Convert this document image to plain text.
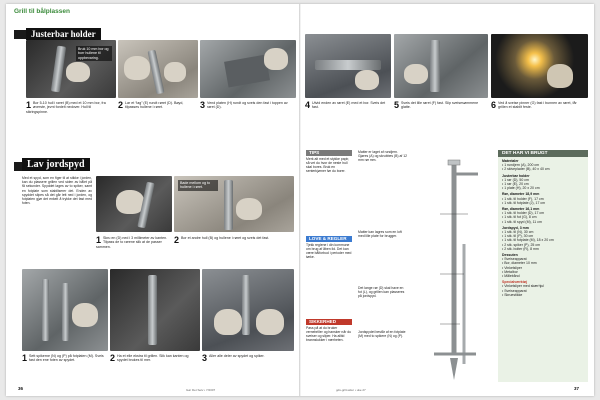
Grill til bålplassen
Justerbar holder
Bruk 10 mm bor og borr hullene til oppbevaring.
1 Bor 5-10 hull i røret (B) med et 10 mm bor, fra øverste, jevnt fordelt nedover. Hull til sikringspinne.
2 Lar et “lag” (E) rundt røret (D). Bøyd, tilpasses hullene i røret.	3 Vend platen (H) rundt og sveis den fast i toppen av røret (D).	4 Utvid enden av røret (E) med et bor. Sveis det fast.	5 Sveis det lille røret (F) fast. Slip sveisesømmene glatte.	6 Ved å sveise pinner (G) fast i bunnen av røret, får grillen et stabilt feste.
Lav jordspyd
Med et spyd, som en figer til at stikke i jorden, kan du plassere grillen ved siden av bålet på få sekunder. Spyddet lages av to spiker, samt en fotplate som stabiliserer det. Enden av spyddet slipes så det går lett ned i jorden, og fotplaten gjør det enkelt å trykke det fast med foten.
Bade mellom og to hullene i røret.
1 Skru en (D) ned i 3 millimeter av kanten. Tilpass de to rørene slik at de passer sammen.
2 Bor et andre hull (B) og hullene i røret og sveis det fast.
1 Sett spikerne (N) og (P) på fotplaten (M). Sveis fast den ene foten av spydet.	2 Ha et elle ekstra til grillen. Slik kan kanten og spydet brukes til mer.	3 Aller alle deler av spydet og spiker.
TIPS
Merk alt med et stykke papir, så vet du hvor de neste hull skal bores. Bruk en senterkjørner før du borer.
LOVE & REGLER
Tjekk reglene i din kommune om brug af åben ild. Det kan være bålforbud i perioder med tørke.
SIKKERHED
Pass på at du bruker vernebriller og hansker når du sveiser og sliper. Ha alltid brannslukker i nærheten.
Matter er laget af rundjern. Gjøres (A) og skrubbes (B) af 12 mm rør mm.
Matter kan lagres som en loft med lille plate for brugger.
Det lange rør (D) skal have en fot (L), og grillen kan plasseres på jordspyd.
Jordspydet består af en fotplate (M) med to spikere (N) og (P).
DET HAR VI BRUGT
Materialer
• 1 rundjern (A), 200 cm
• 2 skiveplader (B), 40 x 40 cm
Justerbar holder
• 1 rør (D), 50 cm
• 1 rør (E), 20 cm
• 1 plate (H), 20 x 20 cm
Rør, diameter 18,9 mm
• 1 stk. til holder (F), 17 cm
• 1 stk. til fotplate (J), 17 cm
Rør, diameter 16,1 mm
• 1 stk. til holder (D), 17 cm
• 1 stk. til fot (G), 8 cm
• 1 stk. til spyd (M), 11 cm
Jordspyd, 3 mm
• 1 stk. til (N), 30 cm
• 1 stk. til (P), 30 cm
• 1 stk. til fotplate (M), 18 x 20 cm
• 2 stk. spiker (P), 25 cm
• 2 stk. bolter (R), 8 mm
Dessuten
• Sveiseapparat
• Bor, diameter 10 mm
• Vinkelsliper
• Metalbor
• Målebånd
Specialværktøj
• Vinkelsliper med skærhjul
• Sveiseapparat
• Skruestikke
36	Gør Det Selv • 7/2007	gds-grill-sider • uke 27	37
